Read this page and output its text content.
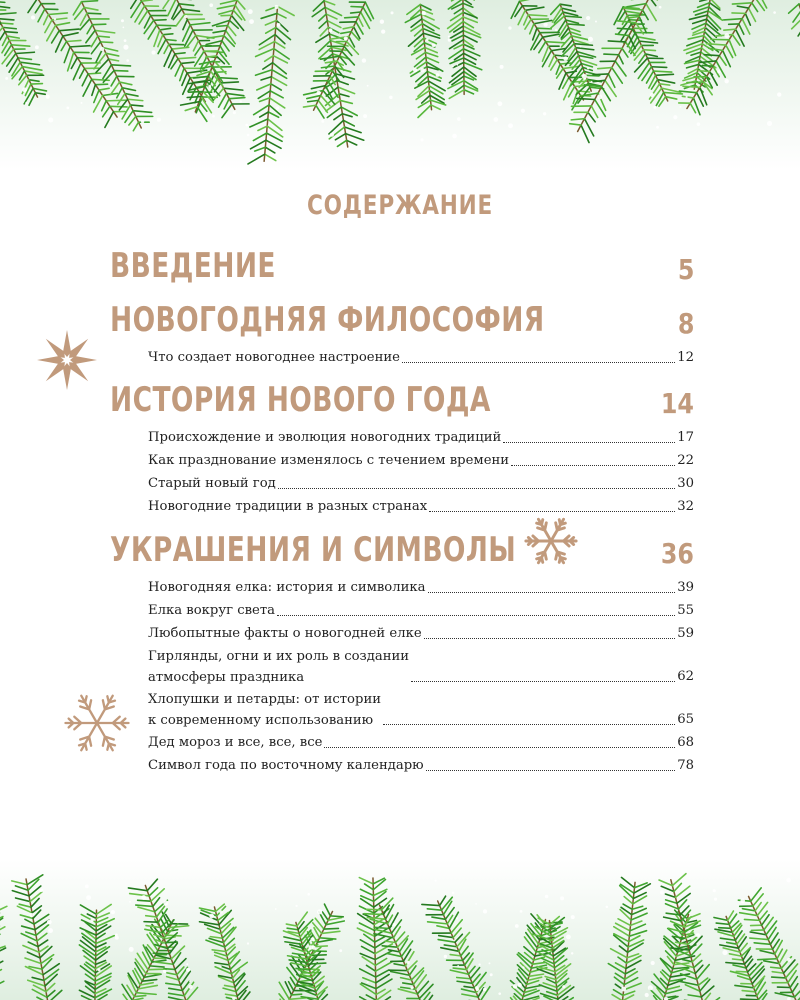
СОДЕРЖАНИЕ
ВВЕДЕНИЕ	5
НОВОГОДНЯЯ ФИЛОСОФИЯ	8
Что создает новогоднее настроение	12
ИСТОРИЯ НОВОГО ГОДА	14
Происхождение и эволюция новогодних традиций	17
Как празднование изменялось с течением времени	22
Старый новый год	30
Новогодние традиции в разных странах	32
УКРАШЕНИЯ И СИМВОЛЫ	36
Новогодняя елка: история и символика	39
Елка вокруг света	55
Любопытные факты о новогодней елке	59
Гирлянды, огни и их роль в создании
атмосферы праздника	62
Хлопушки и петарды: от истории
к современному использованию	65
Дед мороз и все, все, все	68
Символ года по восточному календарю	78
